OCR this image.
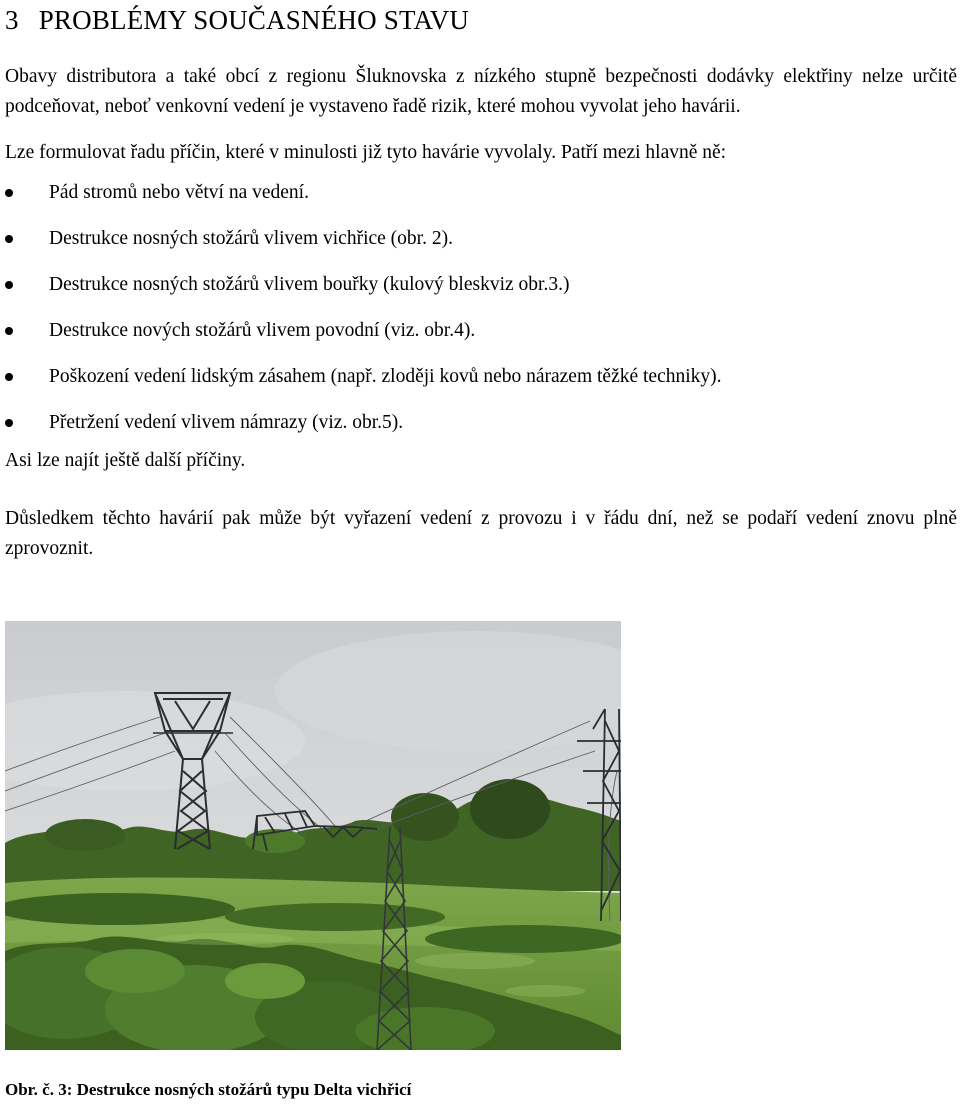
3 PROBLÉMY SOUČASNÉHO STAVU

Obavy distributora a také obcí z regionu Šluknovska z nízkého stupně bezpečnosti dodávky elektřiny nelze určitě podceňovat, neboť venkovní vedení je vystaveno řadě rizik, které mohou vyvolat jeho havárii.

Lze formulovat řadu příčin, které v minulosti již tyto havárie vyvolaly. Patří mezi hlavně ně:

Pád stromů nebo větví na vedení.
Destrukce nosných stožárů vlivem vichřice (obr. 2).
Destrukce nosných stožárů vlivem bouřky (kulový bleskviz obr.3.)
Destrukce nových stožárů vlivem povodní (viz. obr.4).
Poškození vedení lidským zásahem (např. zloději kovů nebo nárazem těžké techniky).
Přetržení vedení vlivem námrazy (viz. obr.5).

Asi lze najít ještě další příčiny.

Důsledkem těchto havárií pak může být vyřazení vedení z provozu i v řádu dní, než se podaří vedení znovu plně zprovoznit.

Obr. č. 3: Destrukce nosných stožárů typu Delta vichřicí
